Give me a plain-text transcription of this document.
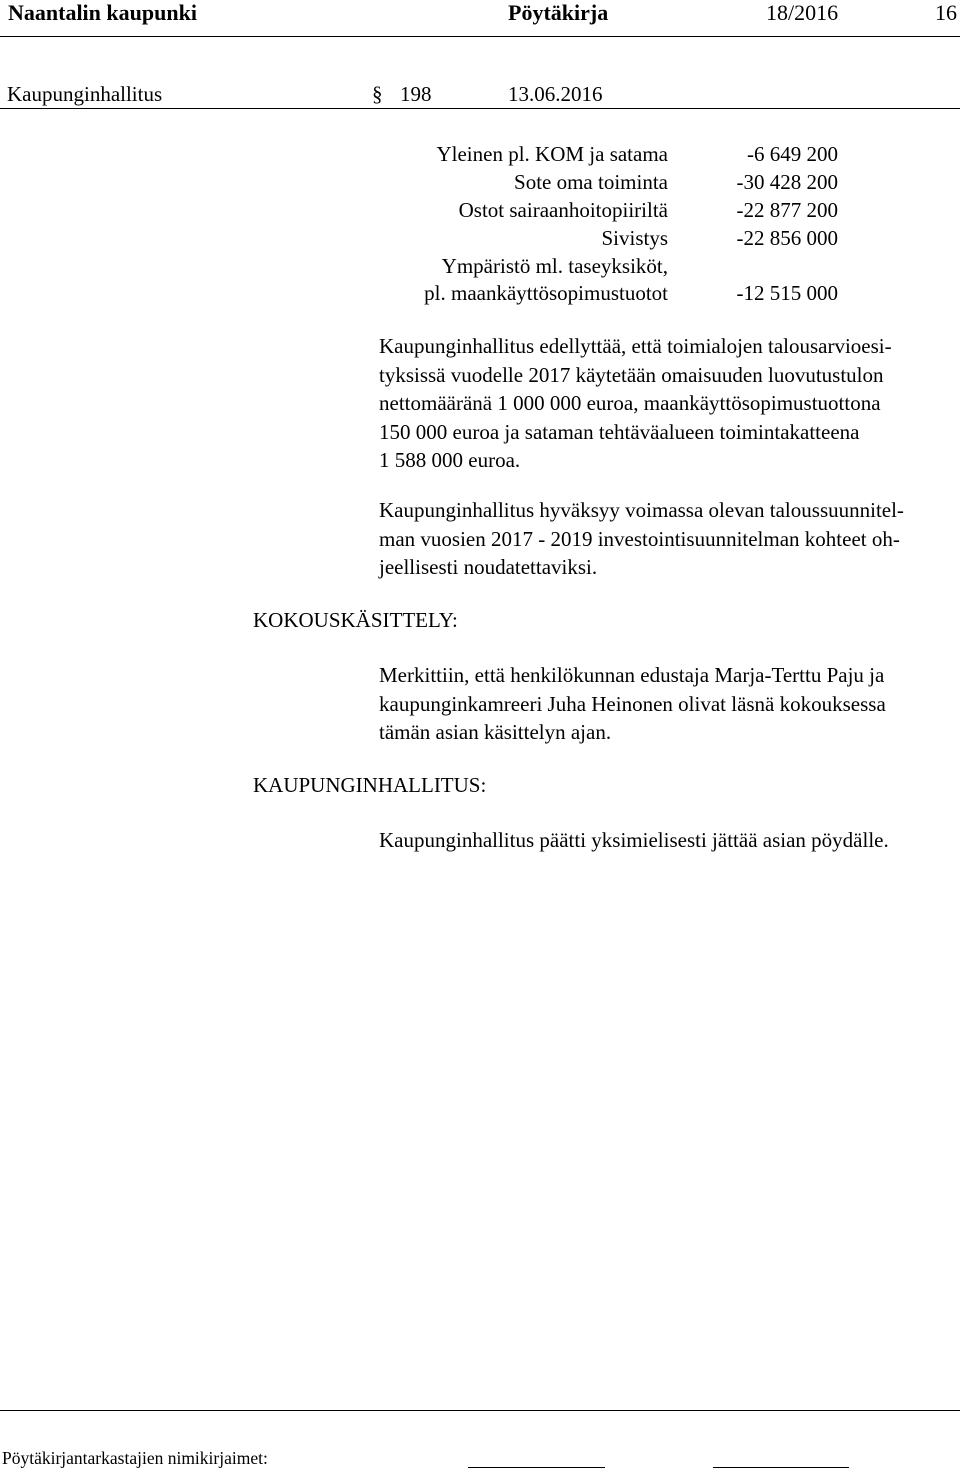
Naantalin kaupunki	Pöytäkirja	18/2016	16
Kaupunginhallitus	§ 198	13.06.2016
Yleinen pl. KOM ja satama	-6 649 200
Sote oma toiminta	-30 428 200
Ostot sairaanhoitopiiriltä	-22 877 200
Sivistys	-22 856 000
Ympäristö ml. taseyksiköt,
pl. maankäyttösopimustuotot	-12 515 000
Kaupunginhallitus edellyttää, että toimialojen talousarvioesi-
tyksissä vuodelle 2017 käytetään omaisuuden luovutustulon
nettomääränä 1 000 000 euroa, maankäyttösopimustuottona
150 000 euroa ja sataman tehtäväalueen toimintakatteena
1 588 000 euroa.
Kaupunginhallitus hyväksyy voimassa olevan taloussuunnitel-
man vuosien 2017 - 2019 investointisuunnitelman kohteet oh-
jeellisesti noudatettaviksi.
KOKOUSKÄSITTELY:
Merkittiin, että henkilökunnan edustaja Marja-Terttu Paju ja
kaupunginkamreeri Juha Heinonen olivat läsnä kokouksessa
tämän asian käsittelyn ajan.
KAUPUNGINHALLITUS:
Kaupunginhallitus päätti yksimielisesti jättää asian pöydälle.
Pöytäkirjantarkastajien nimikirjaimet:
